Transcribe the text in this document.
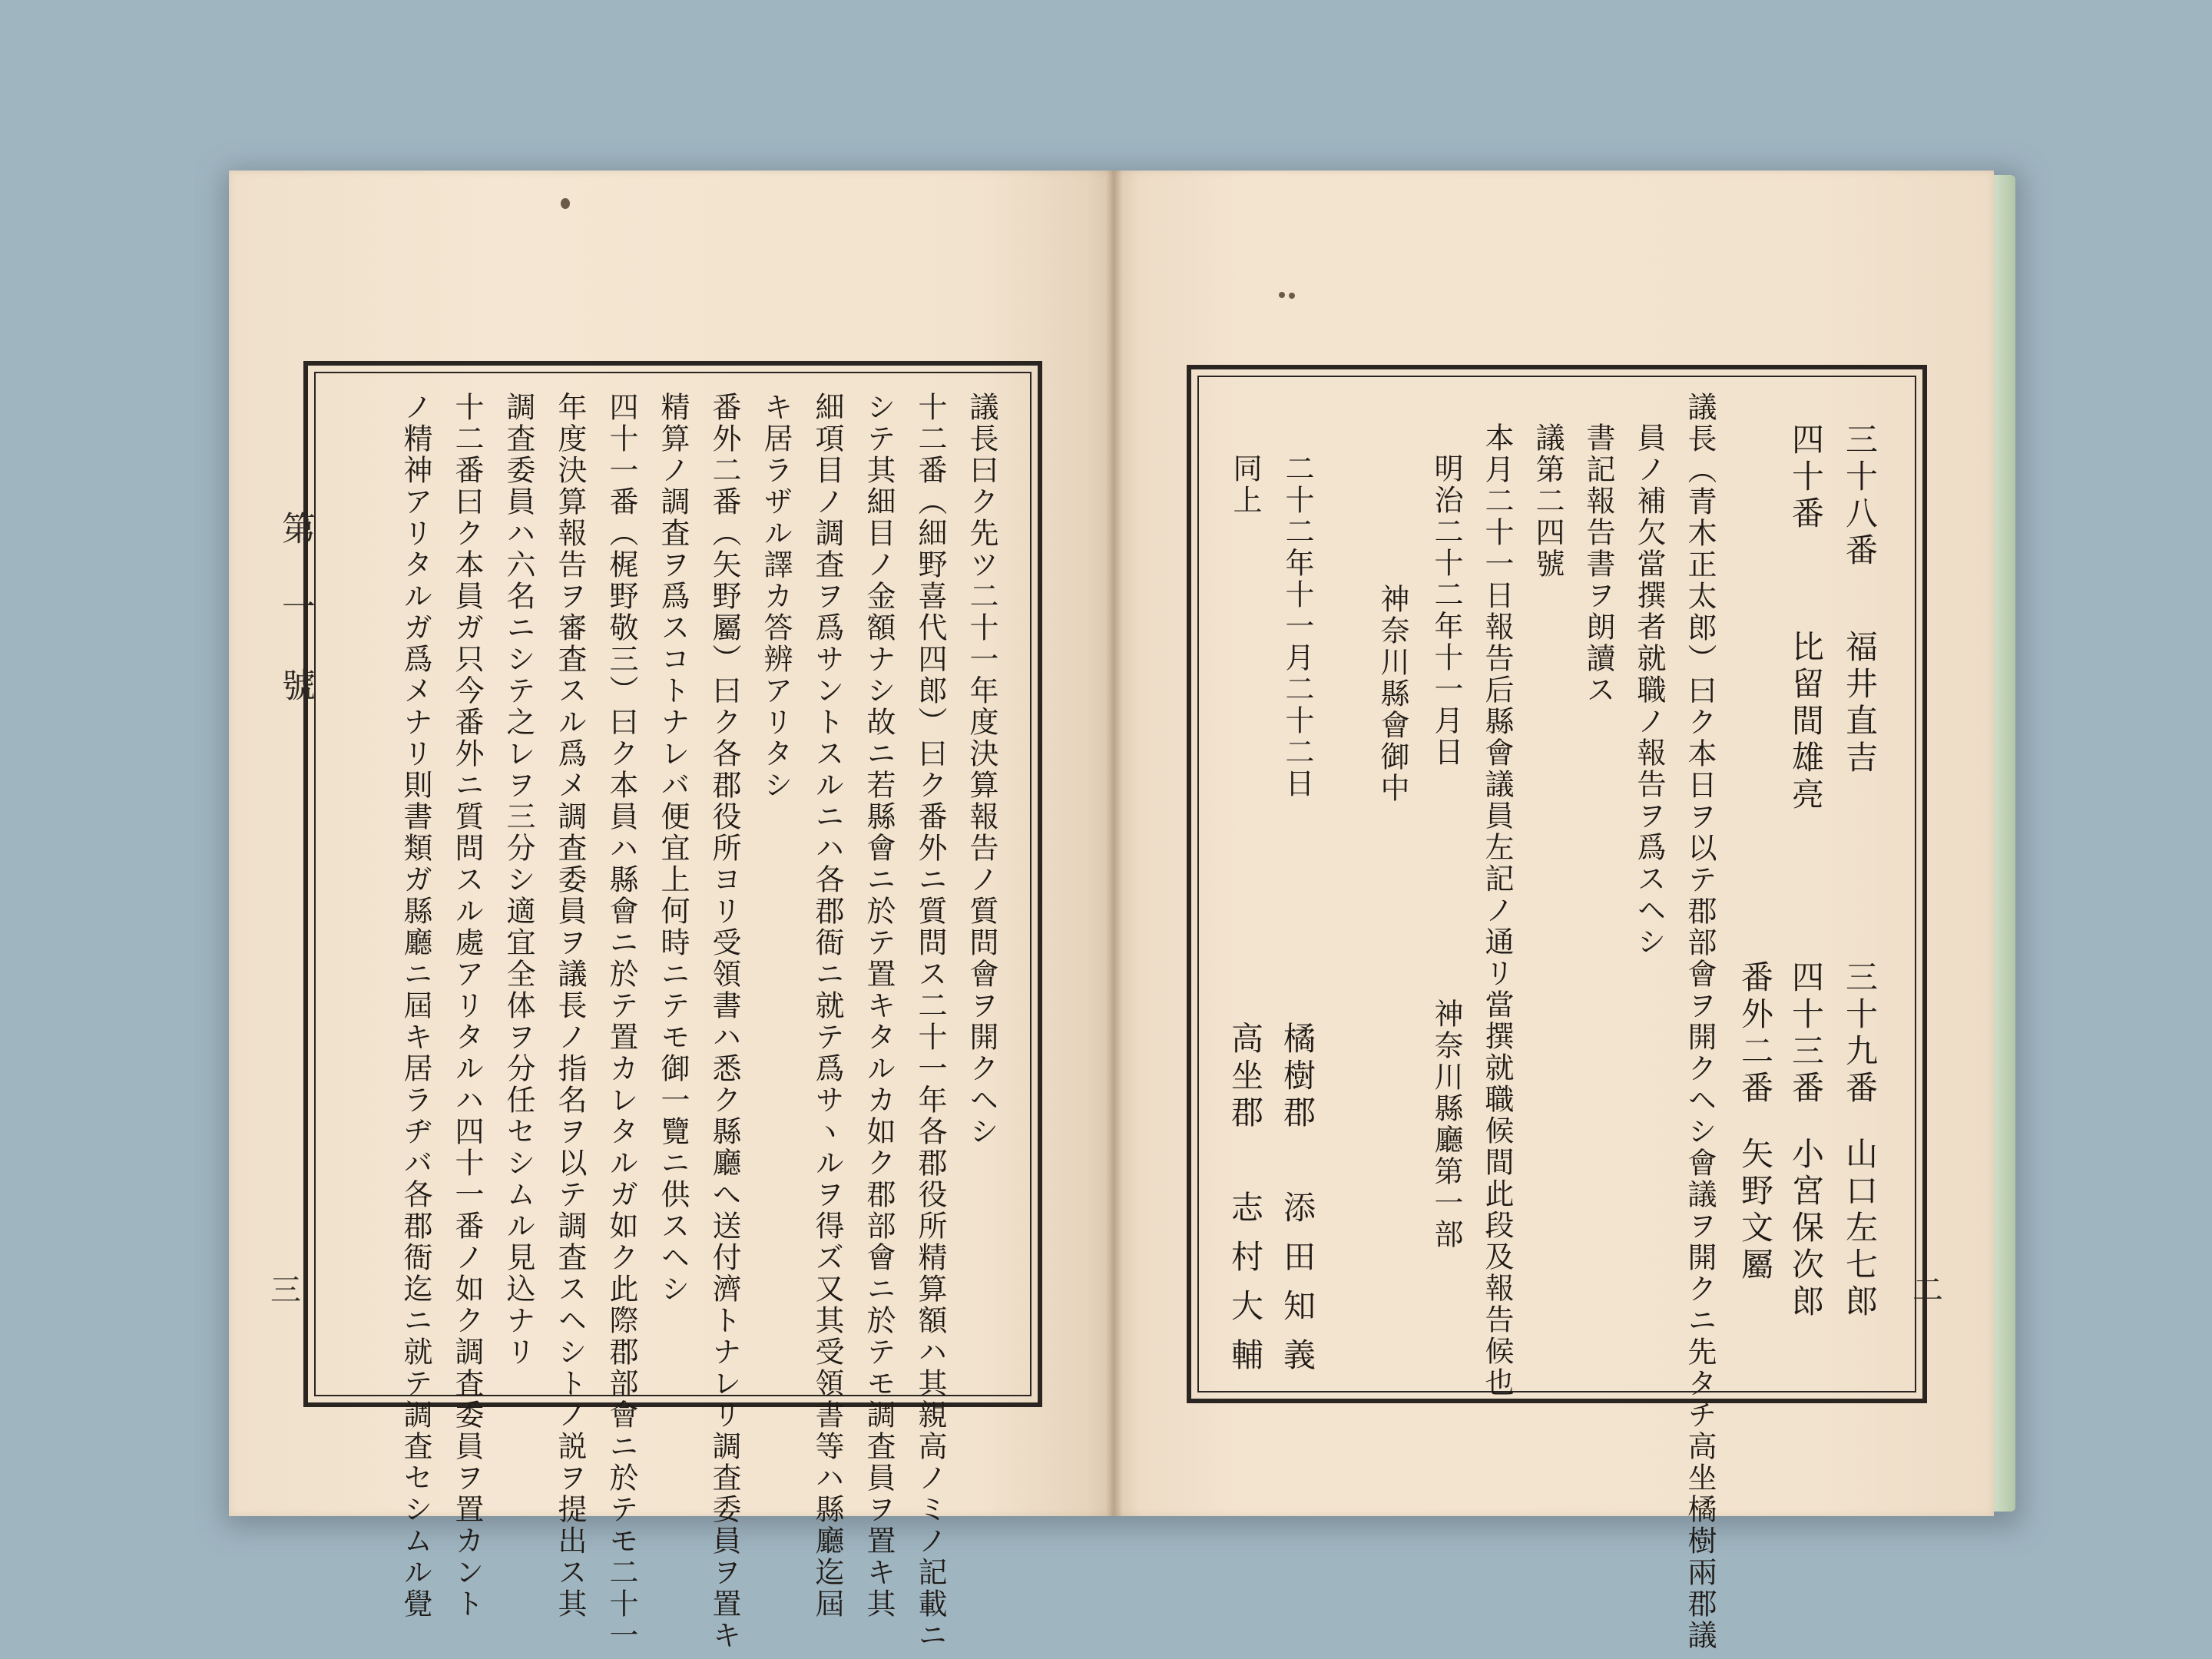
第一號
三
議長曰ク先ツ二十一年度決算報告ノ質問會ヲ開クヘシ
十二番（細野喜代四郎）曰ク番外ニ質問ス二十一年各郡役所精算額ハ其親高ノミノ記載ニ
シテ其細目ノ金額ナシ故ニ若縣會ニ於テ置キタルカ如ク郡部會ニ於テモ調査員ヲ置キ其
細項目ノ調査ヲ爲サントスルニハ各郡衙ニ就テ爲サヽルヲ得ズ又其受領書等ハ縣廳迄屆
キ居ラザル譯カ答辨アリタシ
番外二番（矢野屬）曰ク各郡役所ヨリ受領書ハ悉ク縣廳へ送付濟トナレリ調査委員ヲ置キ
精算ノ調査ヲ爲スコトナレバ便宜上何時ニテモ御一覽ニ供スヘシ
四十一番（梶野敬三）曰ク本員ハ縣會ニ於テ置カレタルガ如ク此際郡部會ニ於テモ二十一
年度決算報告ヲ審査スル爲メ調査委員ヲ議長ノ指名ヲ以テ調査スヘシトノ説ヲ提出ス其
調査委員ハ六名ニシテ之レヲ三分シ適宜全体ヲ分任セシムル見込ナリ
十二番曰ク本員ガ只今番外ニ質問スル處アリタルハ四十一番ノ如ク調査委員ヲ置カント
ノ精神アリタルガ爲メナリ則書類ガ縣廳ニ屆キ居ラヂバ各郡衙迄ニ就テ調査セシムル覺	二
三十八番
福井直吉
四十番
比留間雄亮
三十九番
山口左七郎
四十三番
小宮保次郎
番外二番
矢野文屬
議長（青木正太郎）曰ク本日ヲ以テ郡部會ヲ開クヘシ會議ヲ開クニ先タチ高坐橘樹兩郡議
員ノ補欠當撰者就職ノ報告ヲ爲スヘシ
書記報告書ヲ朗讀ス
議第二四號
本月二十一日報告后縣會議員左記ノ通リ當撰就職候間此段及報告候也
明治二十二年十一月日
神奈川縣廳第一部
神奈川縣會御中
二十二年十一月二十二日
同上
橘樹郡
添田知義
高坐郡
志村大輔
